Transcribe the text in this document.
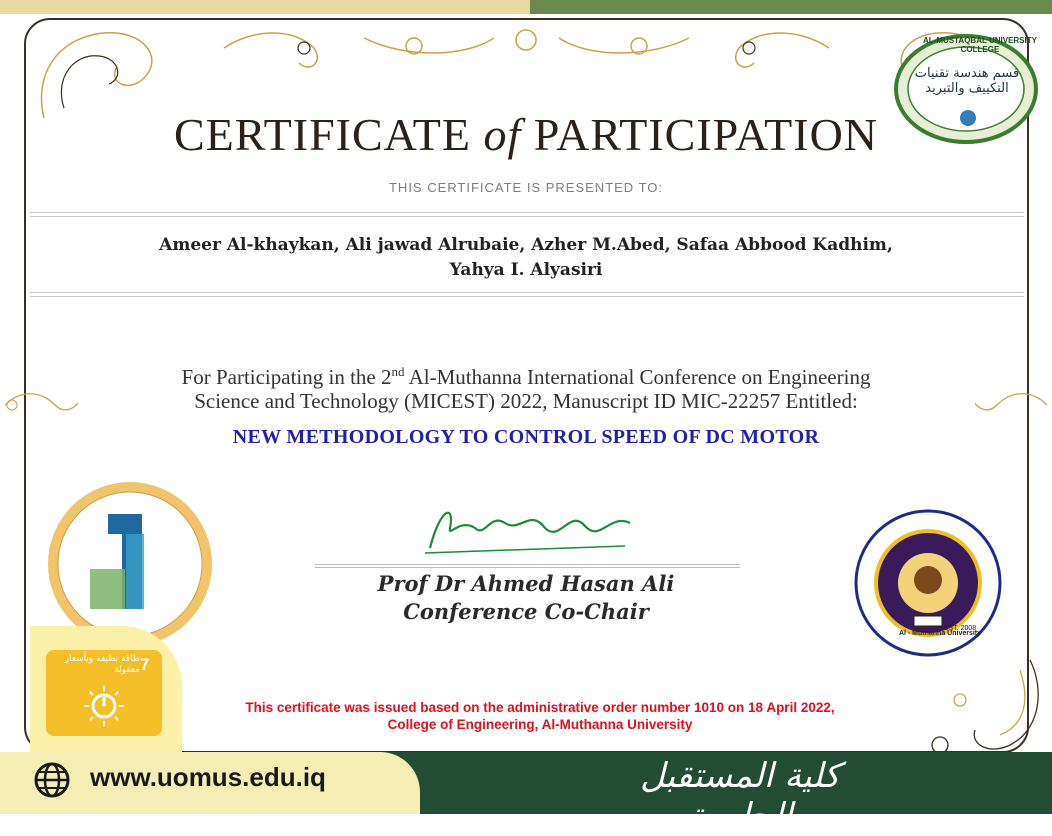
AL-MUSTAQBAL UNIVERSITY COLLEGE
قسم هندسة تقنيات التكييف والتبريد
CERTIFICATE of PARTICIPATION
THIS CERTIFICATE IS PRESENTED TO:
Ameer Al-khaykan, Ali jawad Alrubaie, Azher M.Abed, Safaa Abbood Kadhim,
Yahya I. Alyasiri
For Participating in the 2nd Al-Muthanna International Conference on Engineering
Science and Technology (MICEST) 2022, Manuscript ID MIC-22257 Entitled:
NEW METHODOLOGY TO CONTROL SPEED OF DC MOTOR
Prof Dr Ahmed Hasan Ali
Conference Co-Chair
EST. 2008
Al - Muthanna University
This certificate was issued based on the administrative order number 1010 on 18 April 2022,
College of Engineering, Al-Muthanna University
7
طاقة نظيفة وبأسعار معقولة
www.uomus.edu.iq	كلية المستقبل الجامعة
